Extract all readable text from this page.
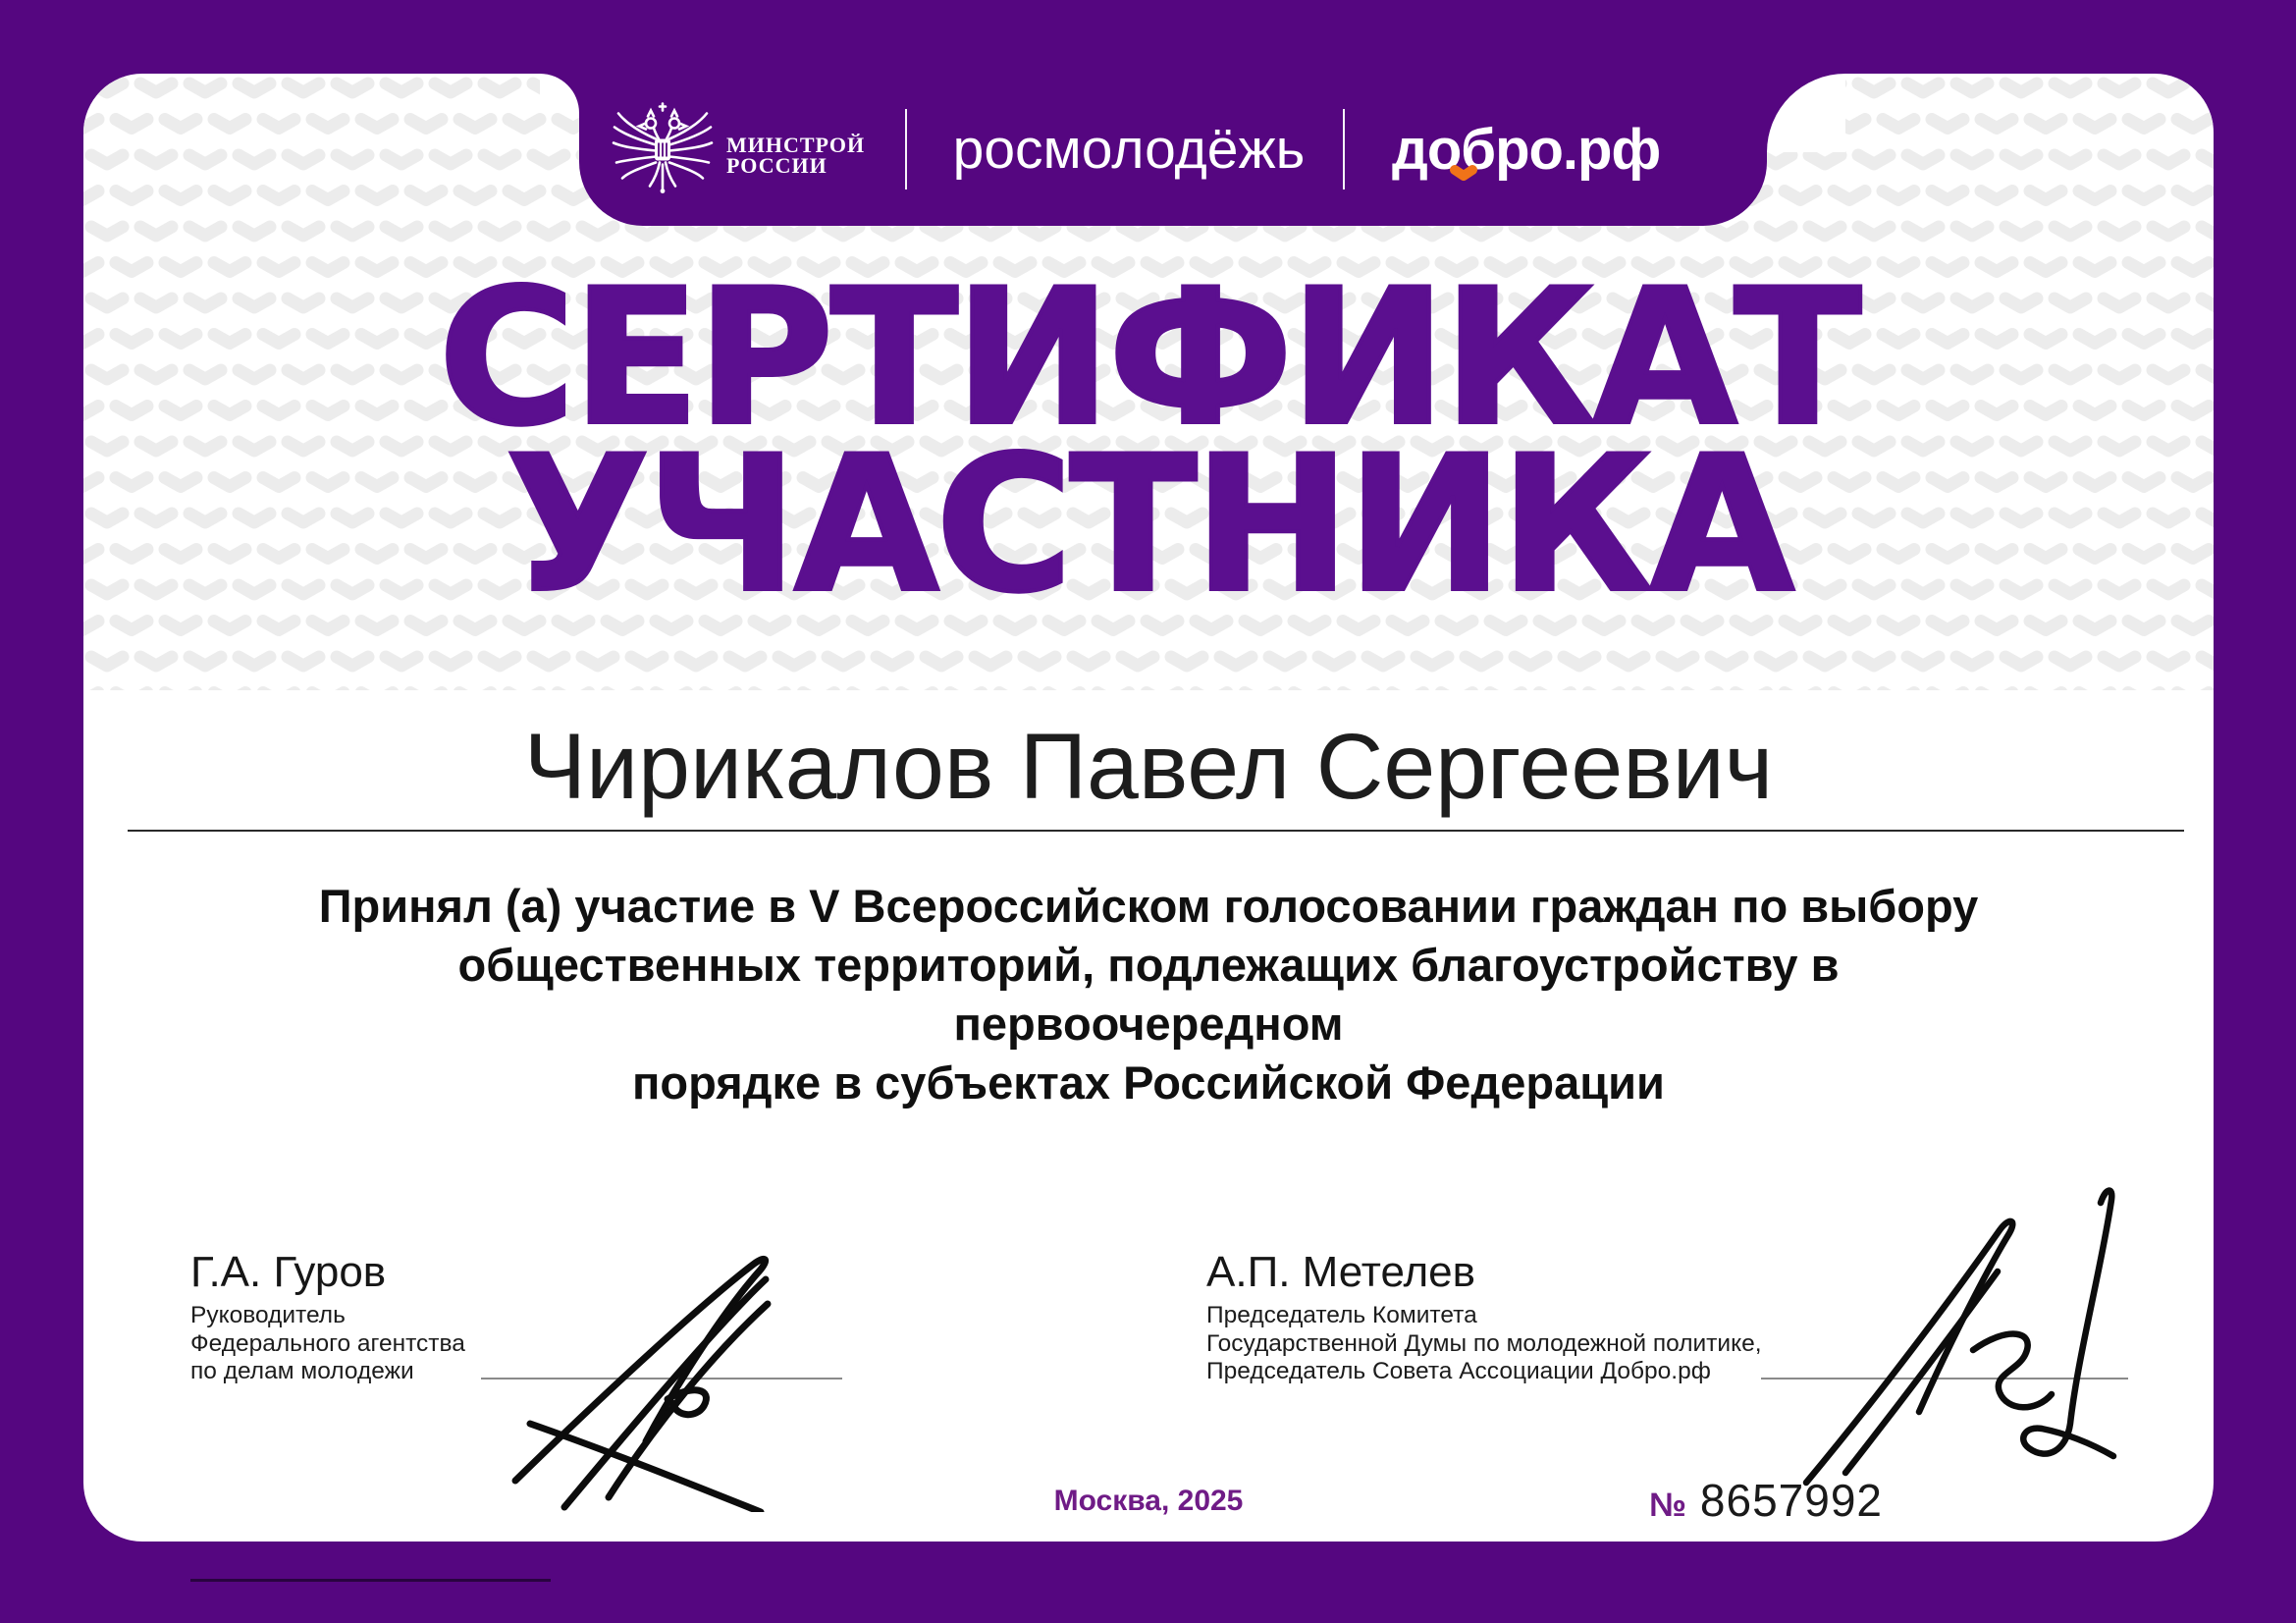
МИНСТРОЙ
РОССИИ	росмолодёжь добро.рф
СЕРТИФИКАТ
УЧАСТНИКА
Чирикалов Павел Сергеевич
Принял (а) участие в V Всероссийском голосовании граждан по выбору
общественных территорий, подлежащих благоустройству в первоочередном
порядке в субъектах Российской Федерации
Г.А. Гуров
Руководитель
Федерального агентства
по делам молодежи
А.П. Метелев
Председатель Комитета
Государственной Думы по молодежной политике,
Председатель Совета Ассоциации Добро.рф
Москва, 2025	№ 8657992
